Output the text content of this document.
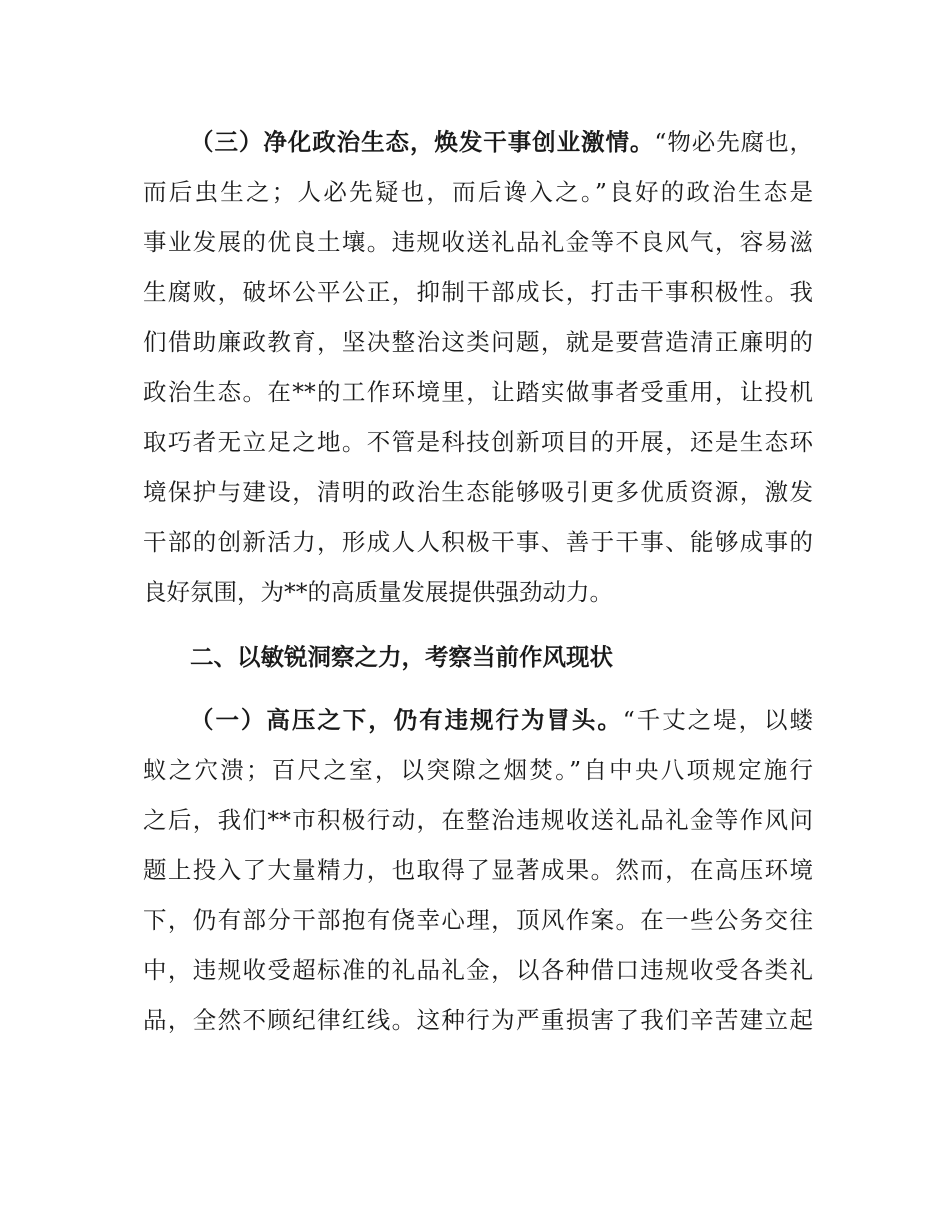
（三）净化政治生态，焕发干事创业激情。“物必先腐也，
而后虫生之；人必先疑也，而后谗入之。”良好的政治生态是
事业发展的优良土壤。违规收送礼品礼金等不良风气，容易滋
生腐败，破坏公平公正，抑制干部成长，打击干事积极性。我
们借助廉政教育，坚决整治这类问题，就是要营造清正廉明的
政治生态。在**的工作环境里，让踏实做事者受重用，让投机
取巧者无立足之地。不管是科技创新项目的开展，还是生态环
境保护与建设，清明的政治生态能够吸引更多优质资源，激发
干部的创新活力，形成人人积极干事、善于干事、能够成事的
良好氛围，为**的高质量发展提供强劲动力。
二、以敏锐洞察之力，考察当前作风现状
（一）高压之下，仍有违规行为冒头。“千丈之堤，以蝼
蚁之穴溃；百尺之室，以突隙之烟焚。”自中央八项规定施行
之后，我们**市积极行动，在整治违规收送礼品礼金等作风问
题上投入了大量精力，也取得了显著成果。然而，在高压环境
下，仍有部分干部抱有侥幸心理，顶风作案。在一些公务交往
中，违规收受超标准的礼品礼金，以各种借口违规收受各类礼
品，全然不顾纪律红线。这种行为严重损害了我们辛苦建立起
